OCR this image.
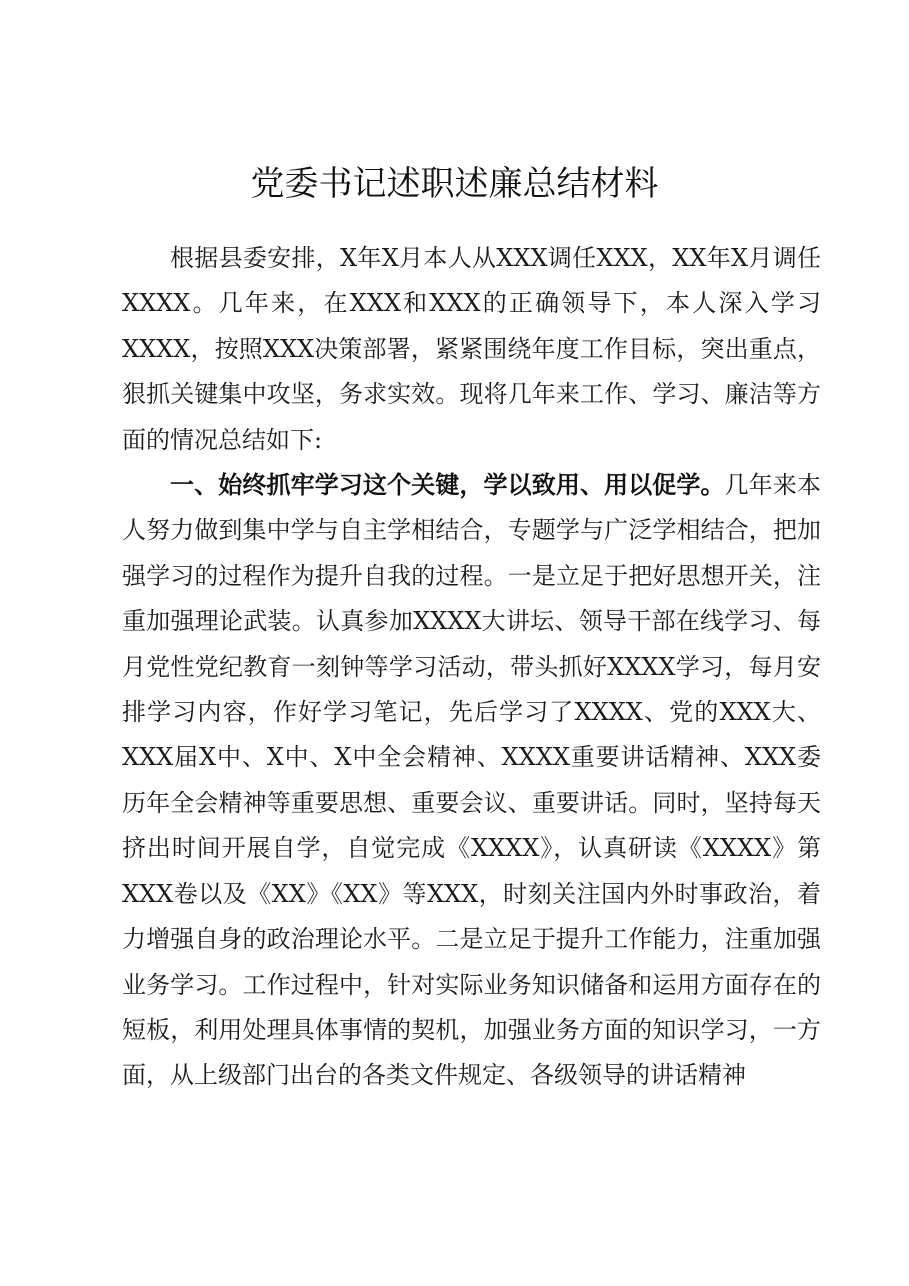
党委书记述职述廉总结材料

根据县委安排，X年X月本人从XXX调任XXX，XX年X月调任XXXX。几年来，在XXX和XXX的正确领导下，本人深入学习XXXX，按照XXX决策部署，紧紧围绕年度工作目标，突出重点，狠抓关键集中攻坚，务求实效。现将几年来工作、学习、廉洁等方面的情况总结如下:

一、始终抓牢学习这个关键，学以致用、用以促学。几年来本人努力做到集中学与自主学相结合，专题学与广泛学相结合，把加强学习的过程作为提升自我的过程。一是立足于把好思想开关，注重加强理论武装。认真参加XXXX大讲坛、领导干部在线学习、每月党性党纪教育一刻钟等学习活动，带头抓好XXXX学习，每月安排学习内容，作好学习笔记，先后学习了XXXX、党的XXX大、XXX届X中、X中、X中全会精神、XXXX重要讲话精神、XXX委历年全会精神等重要思想、重要会议、重要讲话。同时，坚持每天挤出时间开展自学，自觉完成《XXXX》，认真研读《XXXX》第XXX卷以及《XX》《XX》等XXX，时刻关注国内外时事政治，着力增强自身的政治理论水平。二是立足于提升工作能力，注重加强业务学习。工作过程中，针对实际业务知识储备和运用方面存在的短板，利用处理具体事情的契机，加强业务方面的知识学习，一方面，从上级部门出台的各类文件规定、各级领导的讲话精神
